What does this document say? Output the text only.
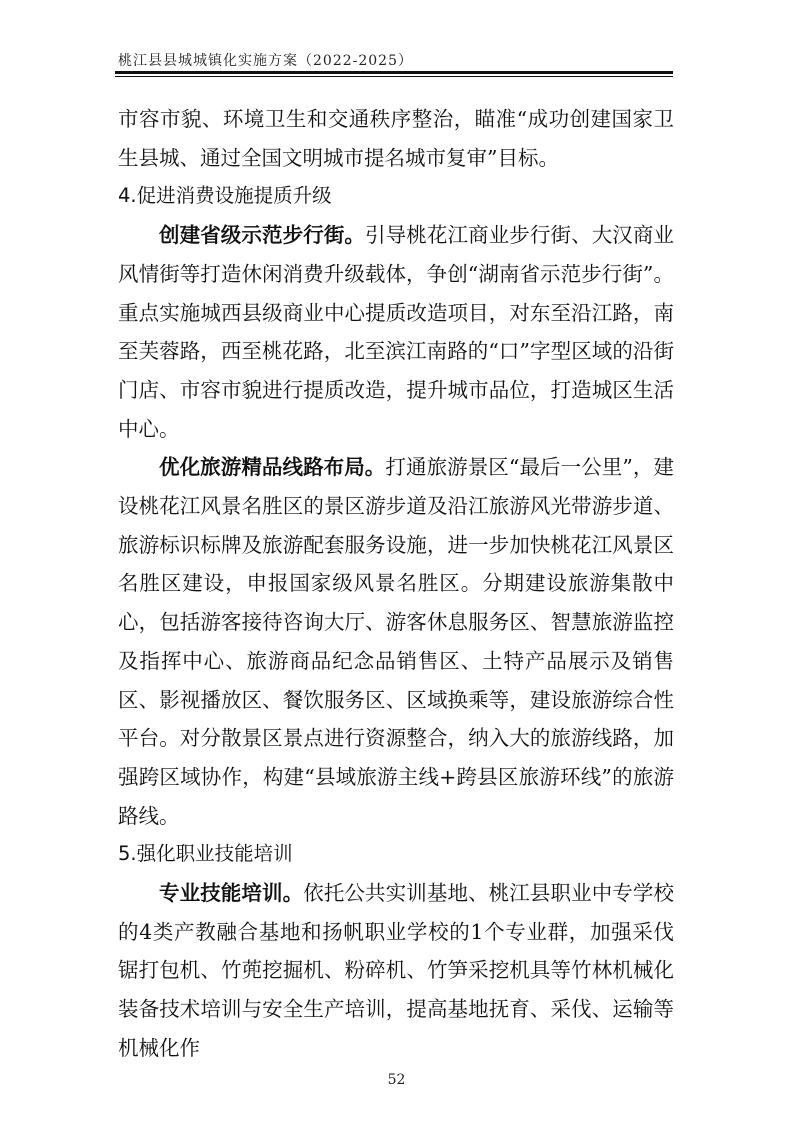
桃江县县城城镇化实施方案（2022-2025）

市容市貌、环境卫生和交通秩序整治，瞄准“成功创建国家卫生县城、通过全国文明城市提名城市复审”目标。

4.促进消费设施提质升级

创建省级示范步行街。引导桃花江商业步行街、大汉商业风情街等打造休闲消费升级载体，争创“湖南省示范步行街”。重点实施城西县级商业中心提质改造项目，对东至沿江路，南至芙蓉路，西至桃花路，北至滨江南路的“口”字型区域的沿街门店、市容市貌进行提质改造，提升城市品位，打造城区生活中心。

优化旅游精品线路布局。打通旅游景区“最后一公里”，建设桃花江风景名胜区的景区游步道及沿江旅游风光带游步道、旅游标识标牌及旅游配套服务设施，进一步加快桃花江风景区名胜区建设，申报国家级风景名胜区。分期建设旅游集散中心，包括游客接待咨询大厅、游客休息服务区、智慧旅游监控及指挥中心、旅游商品纪念品销售区、土特产品展示及销售区、影视播放区、餐饮服务区、区域换乘等，建设旅游综合性平台。对分散景区景点进行资源整合，纳入大的旅游线路，加强跨区域协作，构建“县域旅游主线+跨县区旅游环线”的旅游路线。

5.强化职业技能培训

专业技能培训。依托公共实训基地、桃江县职业中专学校的4类产教融合基地和扬帆职业学校的1个专业群，加强采伐锯打包机、竹蔸挖掘机、粉碎机、竹笋采挖机具等竹林机械化装备技术培训与安全生产培训，提高基地抚育、采伐、运输等机械化作

52
